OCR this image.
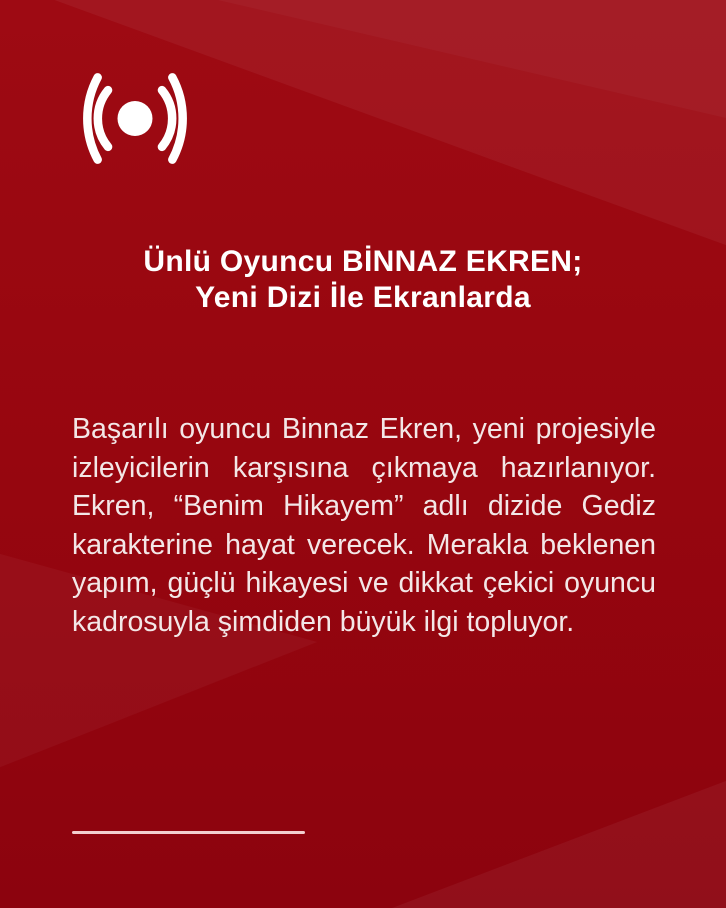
Ünlü Oyuncu BİNNAZ EKREN;
Yeni Dizi İle Ekranlarda
Başarılı oyuncu Binnaz Ekren, yeni projesiyle
izleyicilerin karşısına çıkmaya hazırlanıyor.
Ekren, “Benim Hikayem” adlı dizide Gediz
karakterine hayat verecek. Merakla beklenen
yapım, güçlü hikayesi ve dikkat çekici oyuncu
kadrosuyla şimdiden büyük ilgi topluyor.
